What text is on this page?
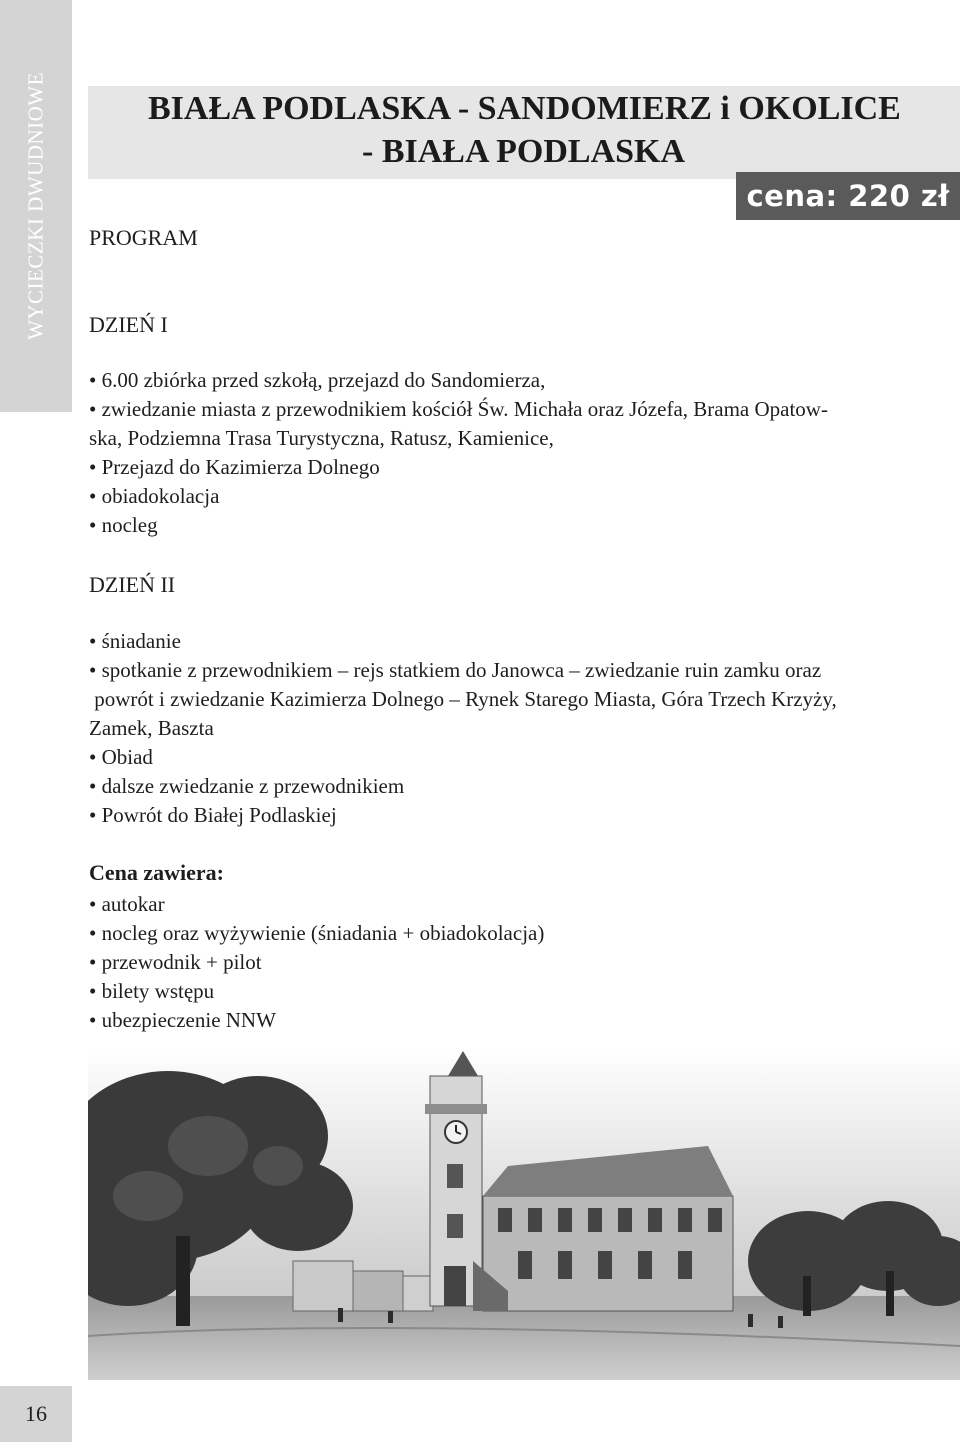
WYCIECZKI DWUDNIOWE	BIAŁA PODLASKA - SANDOMIERZ i OKOLICE
- BIAŁA PODLASKA
cena: 220 zł
PROGRAM
DZIEŃ I
• 6.00 zbiórka przed szkołą, przejazd do Sandomierza,
• zwiedzanie miasta z przewodnikiem kościół Św. Michała oraz Józefa, Brama Opatow-
ska, Podziemna Trasa Turystyczna, Ratusz, Kamienice,
• Przejazd do Kazimierza Dolnego
• obiadokolacja
• nocleg
DZIEŃ II
• śniadanie
• spotkanie z przewodnikiem – rejs statkiem do Janowca – zwiedzanie ruin zamku oraz
powrót i zwiedzanie Kazimierza Dolnego – Rynek Starego Miasta, Góra Trzech Krzyży,
Zamek, Baszta
• Obiad
• dalsze zwiedzanie z przewodnikiem
• Powrót do Białej Podlaskiej
Cena zawiera:
• autokar
• nocleg oraz wyżywienie (śniadania + obiadokolacja)
• przewodnik + pilot
• bilety wstępu
• ubezpieczenie NNW
16
